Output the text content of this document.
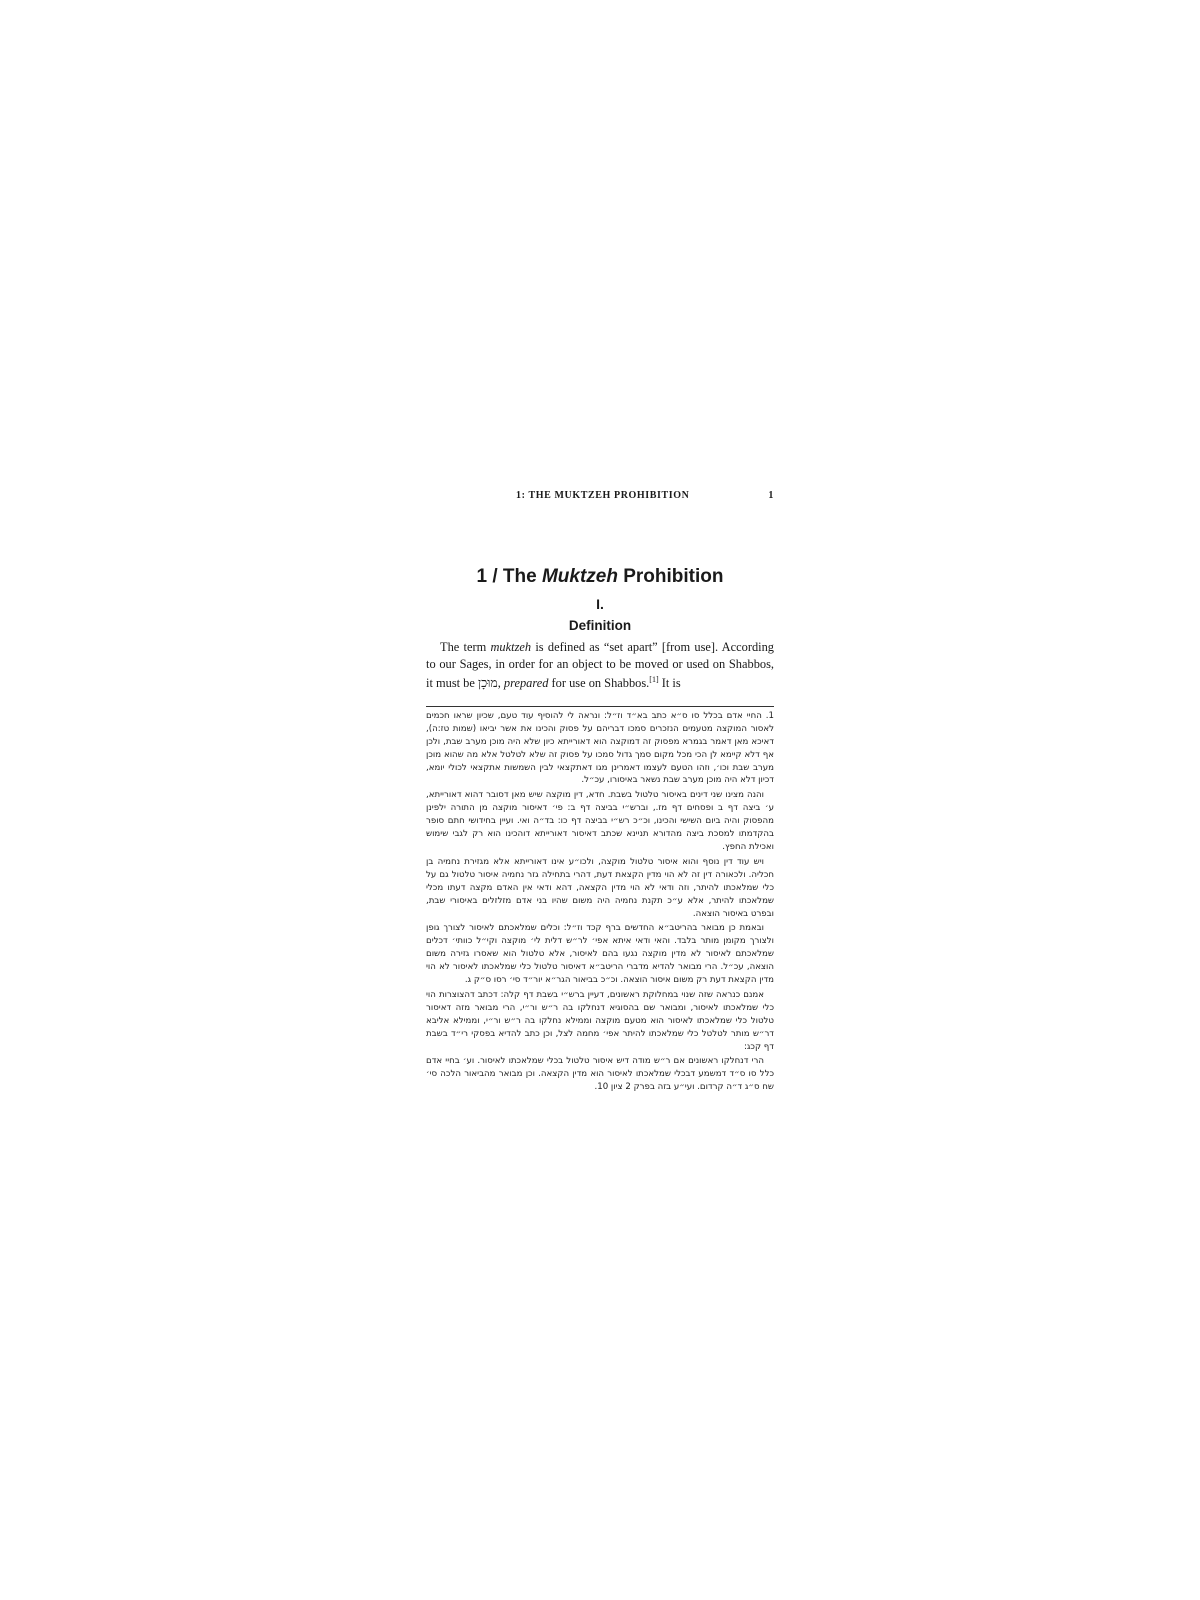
1: THE MUKTZEH PROHIBITION	1
1 / The Muktzeh Prohibition
I.
Definition

The term muktzeh is defined as “set apart” [from use]. According to our Sages, in order for an object to be moved or used on Shabbos, it must be מוּכָן, prepared for use on Shabbos.[1] It is

1. החיי אדם בכלל סו ס״א כתב בא״ד וז״ל: ונראה לי להוסיף עוד טעם, שכיון שראו חכמים לאסור המוקצה מטעמים הנזכרים סמכו דבריהם על פסוק והכינו את אשר יביאו (שמות טז:ה), דאיכא מאן דאמר בגמרא מפסוק זה דמוקצה הוא דאורייתא כיון שלא היה מוכן מערב שבת, ולכן אף דלא קיימא לן הכי מכל מקום סמך גדול סמכו על פסוק זה שלא לטלטל אלא מה שהוא מוכן מערב שבת וכו׳, וזהו הטעם לעצמו דאמרינן מגו דאתקצאי לבין השמשות אתקצאי לכולי יומא, דכיון דלא היה מוכן מערב שבת נשאר באיסורו, עכ״ל.

והנה מצינו שני דינים באיסור טלטול בשבת. חדא, דין מוקצה שיש מאן דסובר דהוא דאורייתא, ע׳ ביצה דף ב ופסחים דף מז., וברש״י בביצה דף ב: פי׳ דאיסור מוקצה מן התורה ילפינן מהפסוק והיה ביום השישי והכינו, וכ״כ רש״י בביצה דף כו: בד״ה ואי. ועיין בחידושי חתם סופר בהקדמתו למסכת ביצה מהדורא תניינא שכתב דאיסור דאורייתא דוהכינו הוא רק לגבי שימוש ואכילת החפץ.

ויש עוד דין נוסף והוא איסור טלטול מוקצה, ולכו״ע אינו דאורייתא אלא מגזירת נחמיה בן חכליה. ולכאורה דין זה לא הוי מדין הקצאת דעת, דהרי בתחילה גזר נחמיה איסור טלטול גם על כלי שמלאכתו להיתר, וזה ודאי לא הוי מדין הקצאה, דהא ודאי אין האדם מקצה דעתו מכלי שמלאכתו להיתר, אלא ע״כ תקנת נחמיה היה משום שהיו בני אדם מזלזלים באיסורי שבת, ובפרט באיסור הוצאה.

ובאמת כן מבואר בהריטב״א החדשים ברף קכד וז״ל: וכלים שמלאכתם לאיסור לצורך גופן ולצורך מקומן מותר בלבד. והאי ודאי איתא אפי׳ לר״ש דלית לי׳ מוקצה וקי״ל כוותי׳ דכלים שמלאכתם לאיסור לא מדין מוקצה נגעו בהם לאיסור, אלא טלטול הוא שאסרו גזירה משום הוצאה, עכ״ל. הרי מבואר להדיא מדברי הריטב״א דאיסור טלטול כלי שמלאכתו לאיסור לא הוי מדין הקצאת דעת רק משום איסור הוצאה. וכ״כ בביאור הגר״א יור״ד סי׳ רסו ס״ק ג.

אמנם כנראה שזה שנוי במחלוקת ראשונים, דעיין ברש״י בשבת דף קלה: דכתב דהצוצרות הוי כלי שמלאכתו לאיסור, ומבואר שם בהסוגיא דנחלקו בה ר״ש ור״י, הרי מבואר מזה דאיסור טלטול כלי שמלאכתו לאיסור הוא מטעם מוקצה וממילא נחלקו בה ר״ש ור״י, וממילא אליבא דר״ש מותר לטלטל כלי שמלאכתו להיתר אפי׳ מחמה לצל, וכן כתב להדיא בפסקי רי״ד בשבת דף קכג:

הרי דנחלקו ראשונים אם ר״ש מודה דיש איסור טלטול בכלי שמלאכתו לאיסור. וע׳ בחיי אדם כלל סו ס״ד דמשמע דבכלי שמלאכתו לאיסור הוא מדין הקצאה. וכן מבואר מהביאור הלכה סי׳ שח ס״ג ד״ה קרדום. ועי״ע בזה בפרק 2 ציון 10.
